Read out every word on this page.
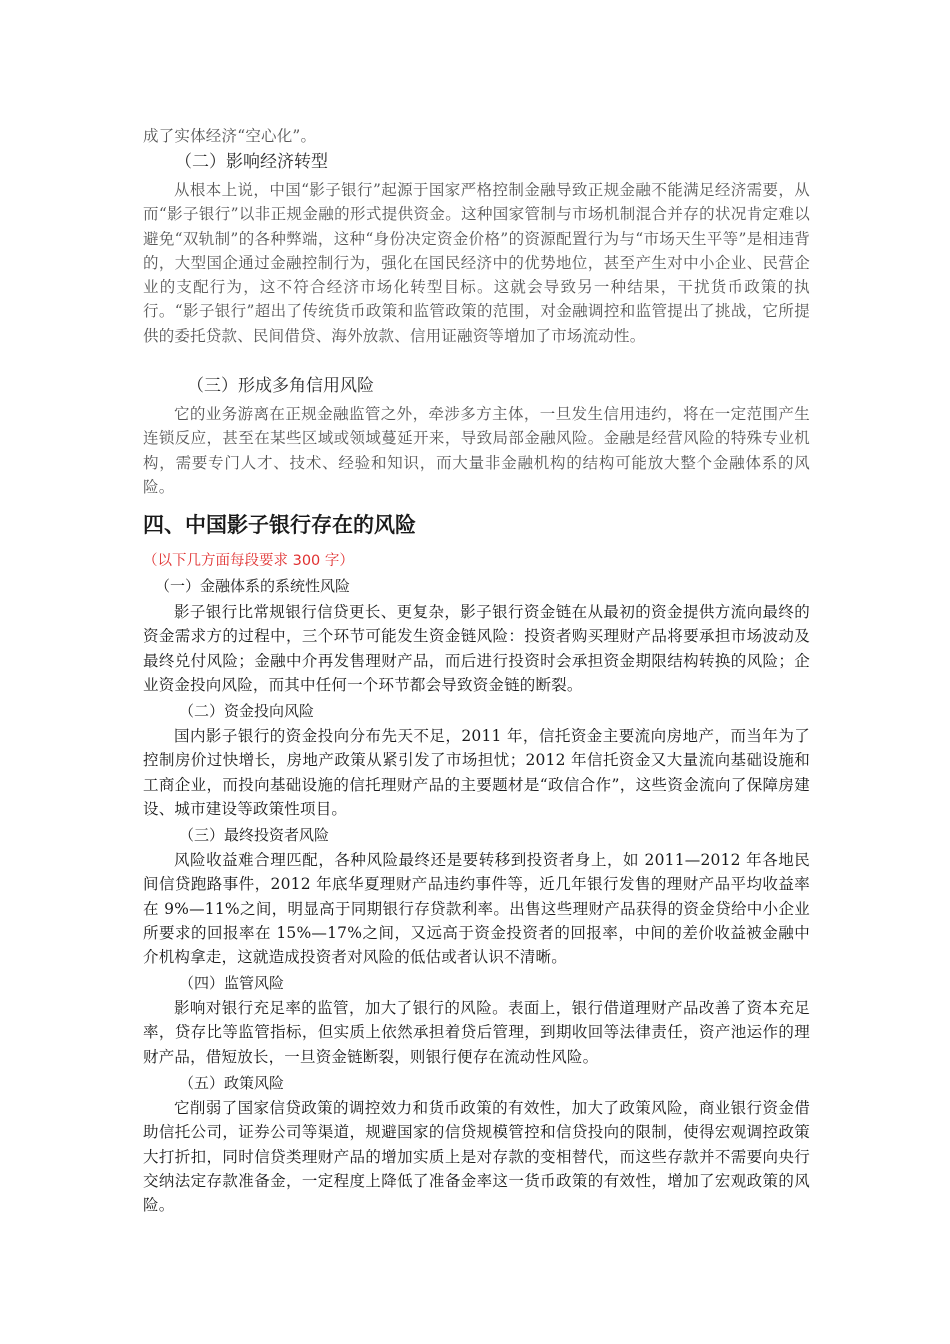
成了实体经济“空心化”。

（二）影响经济转型

从根本上说，中国“影子银行”起源于国家严格控制金融导致正规金融不能满足经济需要，从而“影子银行”以非正规金融的形式提供资金。这种国家管制与市场机制混合并存的状况肯定难以避免“双轨制”的各种弊端，这种“身份决定资金价格”的资源配置行为与“市场天生平等”是相违背的，大型国企通过金融控制行为，强化在国民经济中的优势地位，甚至产生对中小企业、民营企业的支配行为，这不符合经济市场化转型目标。这就会导致另一种结果，干扰货币政策的执行。“影子银行”超出了传统货币政策和监管政策的范围，对金融调控和监管提出了挑战，它所提供的委托贷款、民间借贷、海外放款、信用证融资等增加了市场流动性。

（三）形成多角信用风险

它的业务游离在正规金融监管之外，牵涉多方主体，一旦发生信用违约，将在一定范围产生连锁反应，甚至在某些区域或领域蔓延开来，导致局部金融风险。金融是经营风险的特殊专业机构，需要专门人才、技术、经验和知识，而大量非金融机构的结构可能放大整个金融体系的风险。

四、中国影子银行存在的风险

（以下几方面每段要求 300 字）

（一）金融体系的系统性风险

影子银行比常规银行信贷更长、更复杂，影子银行资金链在从最初的资金提供方流向最终的资金需求方的过程中，三个环节可能发生资金链风险：投资者购买理财产品将要承担市场波动及最终兑付风险；金融中介再发售理财产品，而后进行投资时会承担资金期限结构转换的风险；企业资金投向风险，而其中任何一个环节都会导致资金链的断裂。

（二）资金投向风险

国内影子银行的资金投向分布先天不足，2011 年，信托资金主要流向房地产，而当年为了控制房价过快增长，房地产政策从紧引发了市场担忧；2012 年信托资金又大量流向基础设施和工商企业，而投向基础设施的信托理财产品的主要题材是“政信合作”，这些资金流向了保障房建设、城市建设等政策性项目。

（三）最终投资者风险

风险收益难合理匹配，各种风险最终还是要转移到投资者身上，如 2011—2012 年各地民间信贷跑路事件，2012 年底华夏理财产品违约事件等，近几年银行发售的理财产品平均收益率在 9%—11%之间，明显高于同期银行存贷款利率。出售这些理财产品获得的资金贷给中小企业所要求的回报率在 15%—17%之间，又远高于资金投资者的回报率，中间的差价收益被金融中介机构拿走，这就造成投资者对风险的低估或者认识不清晰。

（四）监管风险

影响对银行充足率的监管，加大了银行的风险。表面上，银行借道理财产品改善了资本充足率，贷存比等监管指标，但实质上依然承担着贷后管理，到期收回等法律责任，资产池运作的理财产品，借短放长，一旦资金链断裂，则银行便存在流动性风险。

（五）政策风险

它削弱了国家信贷政策的调控效力和货币政策的有效性，加大了政策风险，商业银行资金借助信托公司，证券公司等渠道，规避国家的信贷规模管控和信贷投向的限制，使得宏观调控政策大打折扣，同时信贷类理财产品的增加实质上是对存款的变相替代，而这些存款并不需要向央行交纳法定存款准备金，一定程度上降低了准备金率这一货币政策的有效性，增加了宏观政策的风险。
